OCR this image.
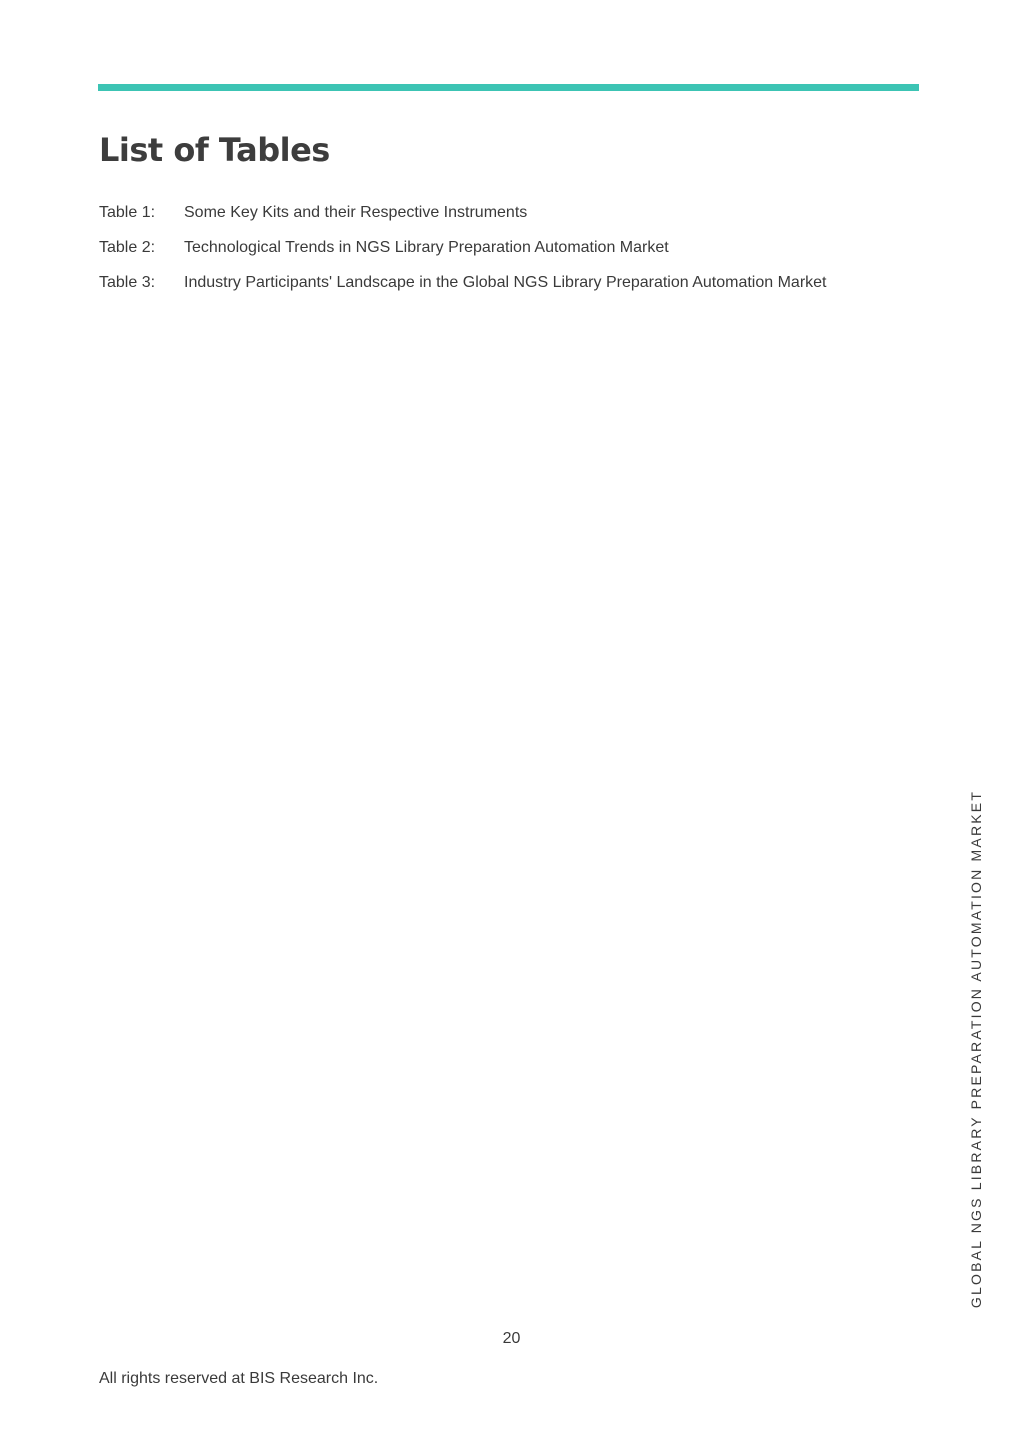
List of Tables
Table 1:	Some Key Kits and their Respective Instruments
Table 2:	Technological Trends in NGS Library Preparation Automation Market
Table 3:	Industry Participants' Landscape in the Global NGS Library Preparation Automation Market
GLOBAL NGS LIBRARY PREPARATION AUTOMATION MARKET
20
All rights reserved at BIS Research Inc.
